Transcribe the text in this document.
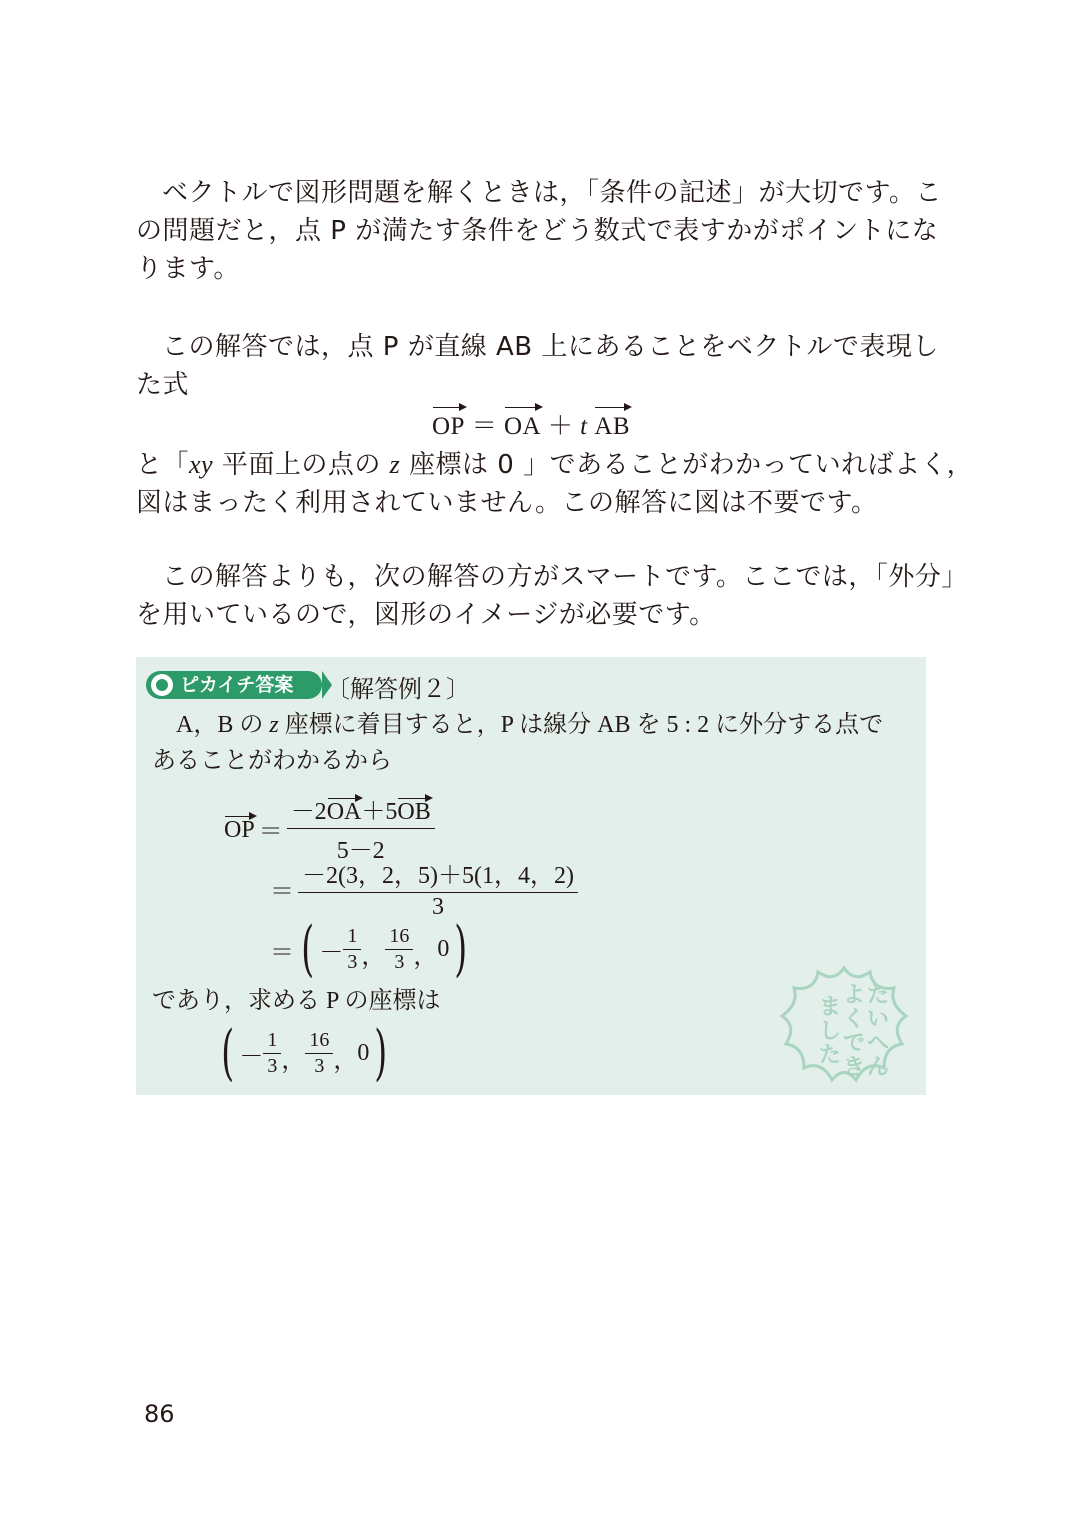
ベクトルで図形問題を解くときは，「条件の記述」が大切です。こ
の問題だと，点 P が満たす条件をどう数式で表すかがポイントにな
ります。
この解答では，点 P が直線 AB 上にあることをベクトルで表現し
た式
OP ＝ OA ＋ t AB
と「xy 平面上の点の z 座標は 0 」であることがわかっていればよく，
図はまったく利用されていません。この解答に図は不要です。
この解答よりも，次の解答の方がスマートです。ここでは，「外分」
を用いているので，図形のイメージが必要です。
ピカイチ答案 〔解答例２〕
A，B の z 座標に着目すると，P は線分 AB を 5 : 2 に外分する点で
あることがわかるから
OP ＝ $\frac{-2OA+5OB}{5-2}$
＝ $\frac{-2(3,2,5)+5(1,4,2)}{3}$
＝ ( － $\frac{1}{3}$ ， $\frac{16}{3}$ ， 0 )
であり，求める P の座標は
( － $\frac{1}{3}$ ， $\frac{16}{3}$ ， 0 )
た
い
へ
ん
よ
く
で
き
ま
し
た
86
